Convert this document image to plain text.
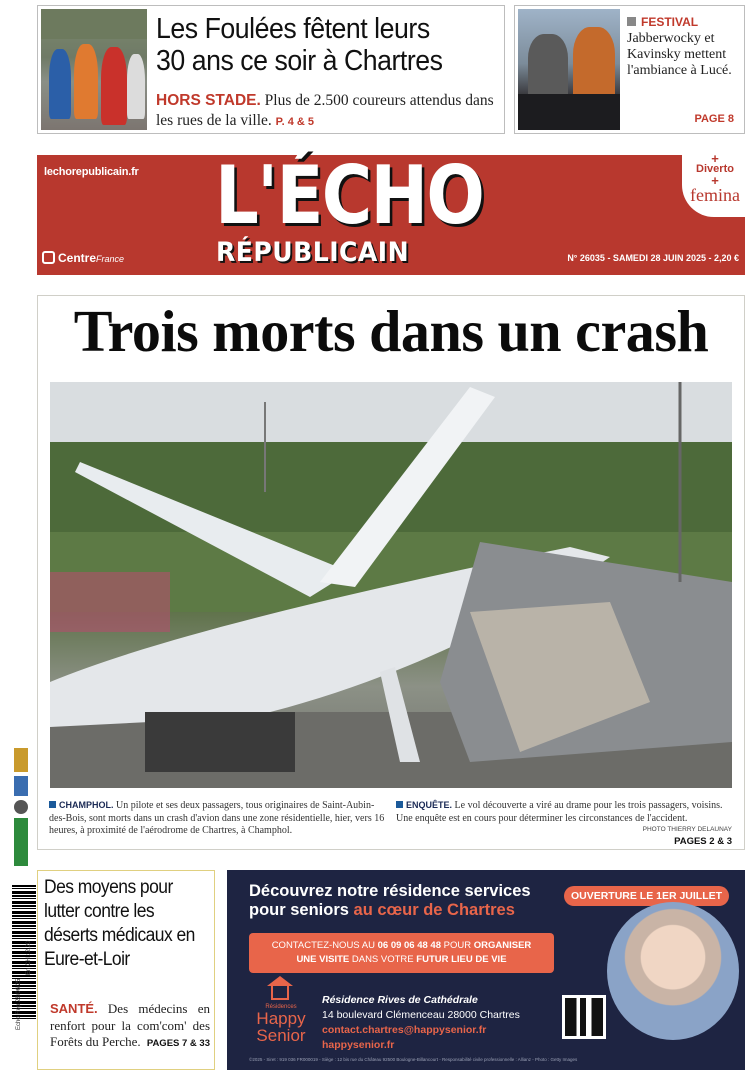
Les Foulées fêtent leurs
30 ans ce soir à Chartres
HORS STADE. Plus de 2.500 coureurs attendus dans les rues de la ville. P. 4 & 5
FESTIVAL
Jabberwocky et Kavinsky mettent l'ambiance à Lucé.
PAGE 8
lechorepublicain.fr L'ÉCHO
RÉPUBLICAIN
CentreFrance	N° 26035 - SAMEDI 28 JUIN 2025 - 2,20 €
+
Diverto
+
femina
Trois morts dans un crash
CHAMPHOL. Un pilote et ses deux passagers, tous originaires de Saint-Aubin-des-Bois, sont morts dans un crash d'avion dans une zone résidentielle, hier, vers 16 heures, à proximité de l'aérodrome de Chartres, à Champhol.
ENQUÊTE. Le vol découverte a viré au drame pour les trois passagers, voisins. Une enquête est en cours pour déterminer les circonstances de l'accident.
PHOTO THIERRY DELAUNAY
PAGES 2 & 3
En CH : 2,20
Echo Rep 28/06/25
Des moyens pour lutter contre les déserts médicaux en Eure-et-Loir
SANTÉ. Des médecins en renfort pour la com'com' des Forêts du Perche. PAGES 7 & 33
Découvrez notre résidence services
pour seniors au cœur de Chartres
OUVERTURE LE 1ER JUILLET
CONTACTEZ-NOUS AU 06 09 06 48 48 POUR ORGANISER
UNE VISITE DANS VOTRE FUTUR LIEU DE VIE
Résidences
Happy Senior
Résidence Rives de Cathédrale
14 boulevard Clémenceau 28000 Chartres
contact.chartres@happysenior.fr
happysenior.fr
©2025 - Siret : 919 036 FR000019 - Siège : 12 bis rue du Château 92500 Boulogne-Billancourt - Responsabilité civile professionnelle : Allianz - Photo : Getty Images
